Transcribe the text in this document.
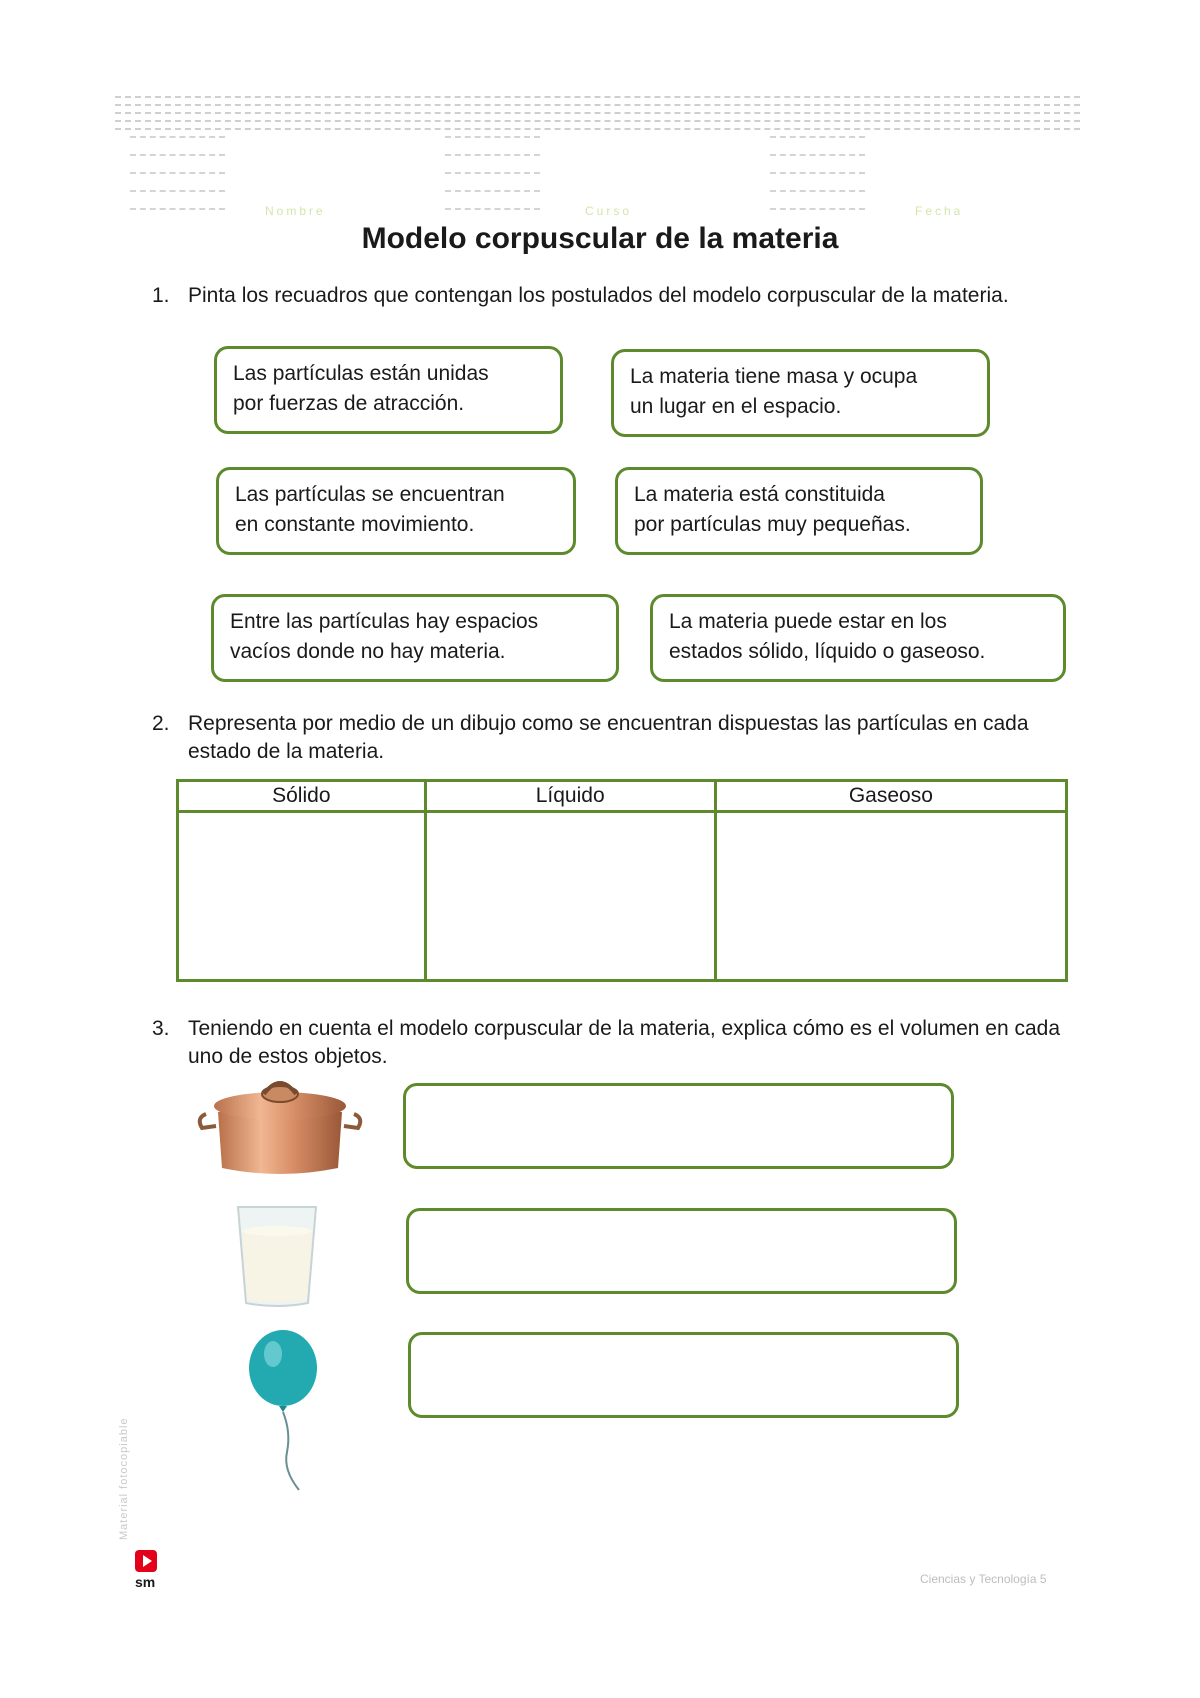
Nombre	Curso	Fecha
Modelo corpuscular de la materia
1. Pinta los recuadros que contengan los postulados del modelo corpuscular de la materia.
Las partículas están unidas
por fuerzas de atracción.
La materia tiene masa y ocupa
un lugar en el espacio.
Las partículas se encuentran
en constante movimiento.
La materia está constituida
por partículas muy pequeñas.
Entre las partículas hay espacios
vacíos donde no hay materia.
La materia puede estar en los
estados sólido, líquido o gaseoso.
2. Representa por medio de un dibujo como se encuentran dispuestas las partículas en cada estado de la materia.
Sólido	Líquido	Gaseoso

3. Teniendo en cuenta el modelo corpuscular de la materia, explica cómo es el volumen en cada uno de estos objetos.
Material fotocopiable
sm	Ciencias y Tecnología 5
